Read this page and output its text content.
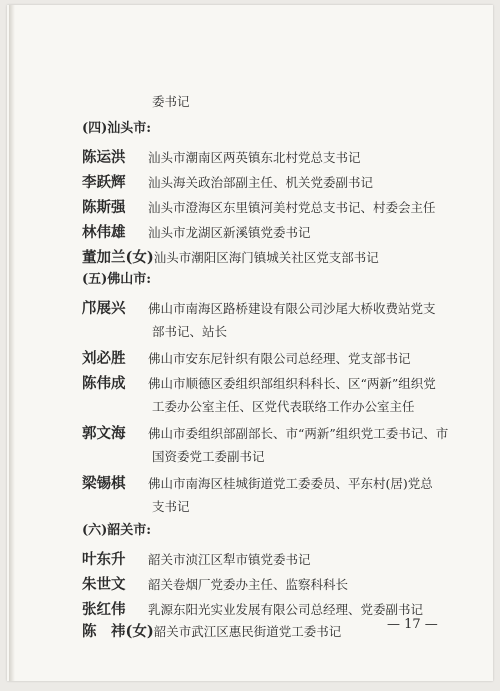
委书记
(四)汕头市:
陈运洪 汕头市潮南区两英镇东北村党总支书记
李跃辉 汕头海关政治部副主任、机关党委副书记
陈斯强 汕头市澄海区东里镇河美村党总支书记、村委会主任
林伟雄 汕头市龙湖区新溪镇党委书记
董加兰(女)汕头市潮阳区海门镇城关社区党支部书记
(五)佛山市:
邝展兴 佛山市南海区路桥建设有限公司沙尾大桥收费站党支
部书记、站长
刘必胜 佛山市安东尼针织有限公司总经理、党支部书记
陈伟成 佛山市顺德区委组织部组织科科长、区“两新”组织党
工委办公室主任、区党代表联络工作办公室主任
郭文海 佛山市委组织部副部长、市“两新”组织党工委书记、市
国资委党工委副书记
梁锡棋 佛山市南海区桂城街道党工委委员、平东村(居)党总
支书记
(六)韶关市:
叶东升 韶关市浈江区犁市镇党委书记
朱世文 韶关卷烟厂党委办主任、监察科科长
张红伟 乳源东阳光实业发展有限公司总经理、党委副书记
陈　祎(女)韶关市武江区惠民街道党工委书记	— 17 —
